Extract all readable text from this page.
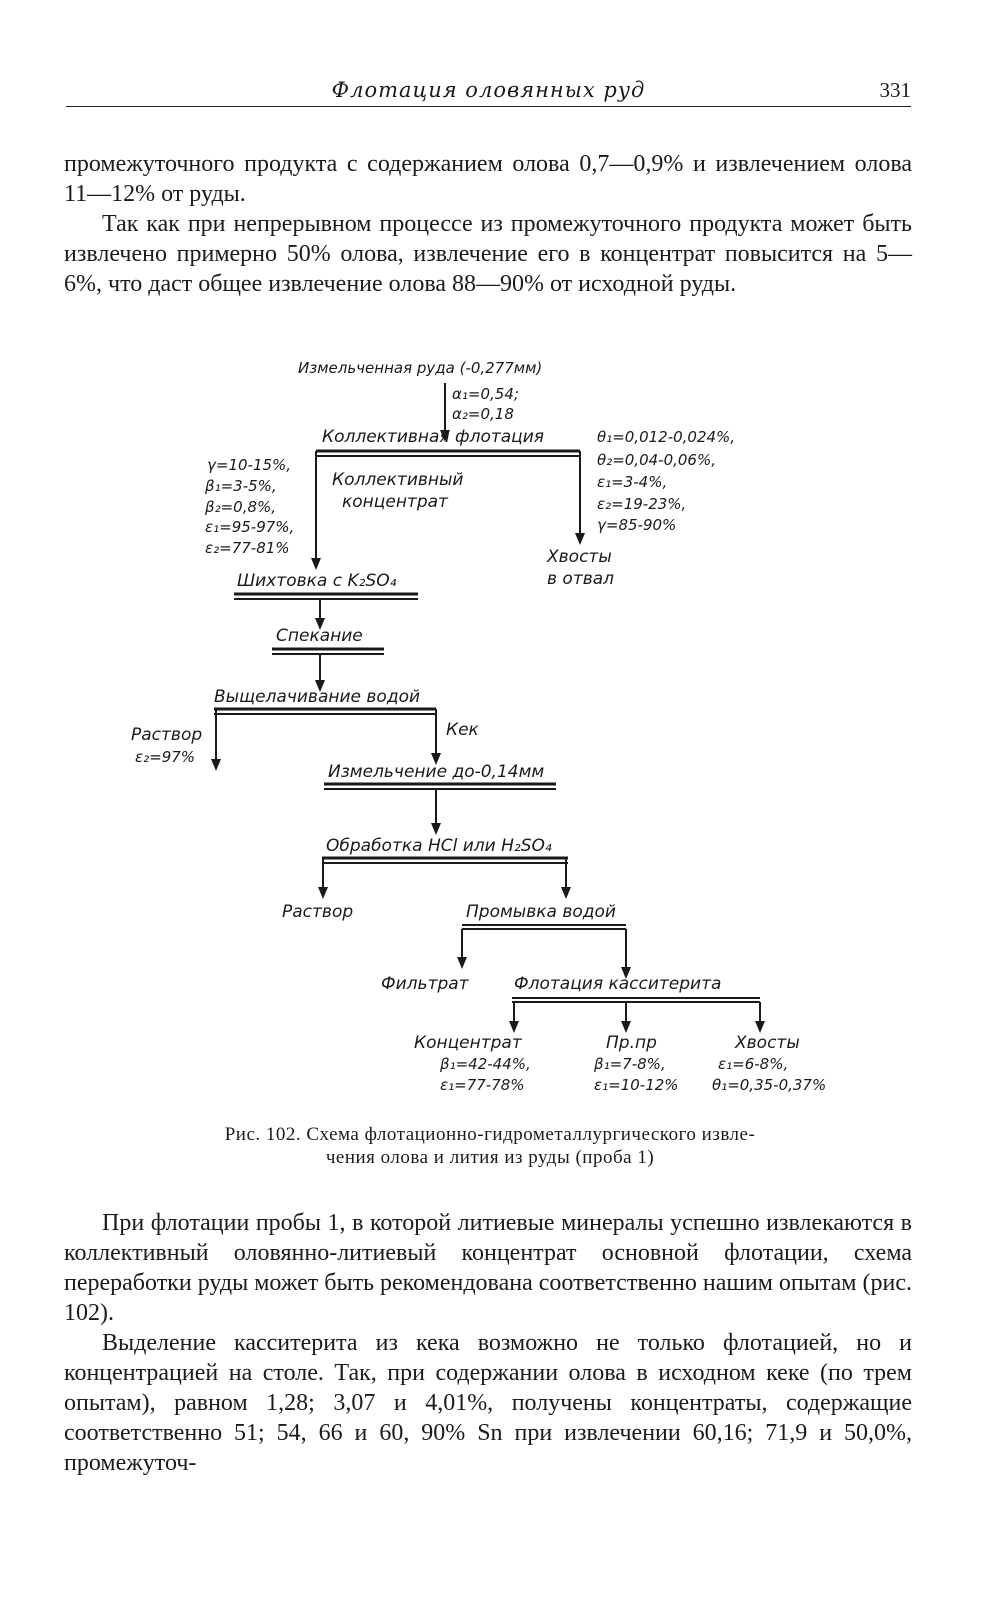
Флотация оловянных руд	331

промежуточного продукта с содержанием олова 0,7—0,9% и извлечением олова 11—12% от руды.

Так как при непрерывном процессе из промежуточного продукта может быть извлечено примерно 50% олова, извлечение его в концентрат повысится на 5—6%, что даст общее извлечение олова 88—90% от исходной руды.

Измельченная руда (-0,277мм)
α₁=0,54;
α₂=0,18
Коллективная флотация
Коллективный
концентрат
γ=10-15%,
β₁=3-5%,
β₂=0,8%,
ε₁=95-97%,
ε₂=77-81%
θ₁=0,012-0,024%,
θ₂=0,04-0,06%,
ε₁=3-4%,
ε₂=19-23%,
γ=85-90%
Хвосты
в отвал
Шихтовка с K₂SO₄
Спекание
Выщелачивание водой
Раствор
ε₂=97%
Кек
Измельчение до-0,14мм
Обработка HCl или H₂SO₄
Раствор	Промывка водой
Фильтрат	Флотация касситерита
Концентрат
β₁=42-44%,
ε₁=77-78%
Пр.пр
β₁=7-8%,
ε₁=10-12%
Хвосты
ε₁=6-8%,
θ₁=0,35-0,37%
Рис. 102. Схема флотационно-гидрометаллургического извле-
чения олова и лития из руды (проба 1)

При флотации пробы 1, в которой литиевые минералы успешно извлекаются в коллективный оловянно-литиевый концентрат основной флотации, схема переработки руды может быть рекомендована соответственно нашим опытам (рис. 102).

Выделение касситерита из кека возможно не только флотацией, но и концентрацией на столе. Так, при содержании олова в исходном кеке (по трем опытам), равном 1,28; 3,07 и 4,01%, получены концентраты, содержащие соответственно 51; 54, 66 и 60, 90% Sn при извлечении 60,16; 71,9 и 50,0%, промежуточ-
